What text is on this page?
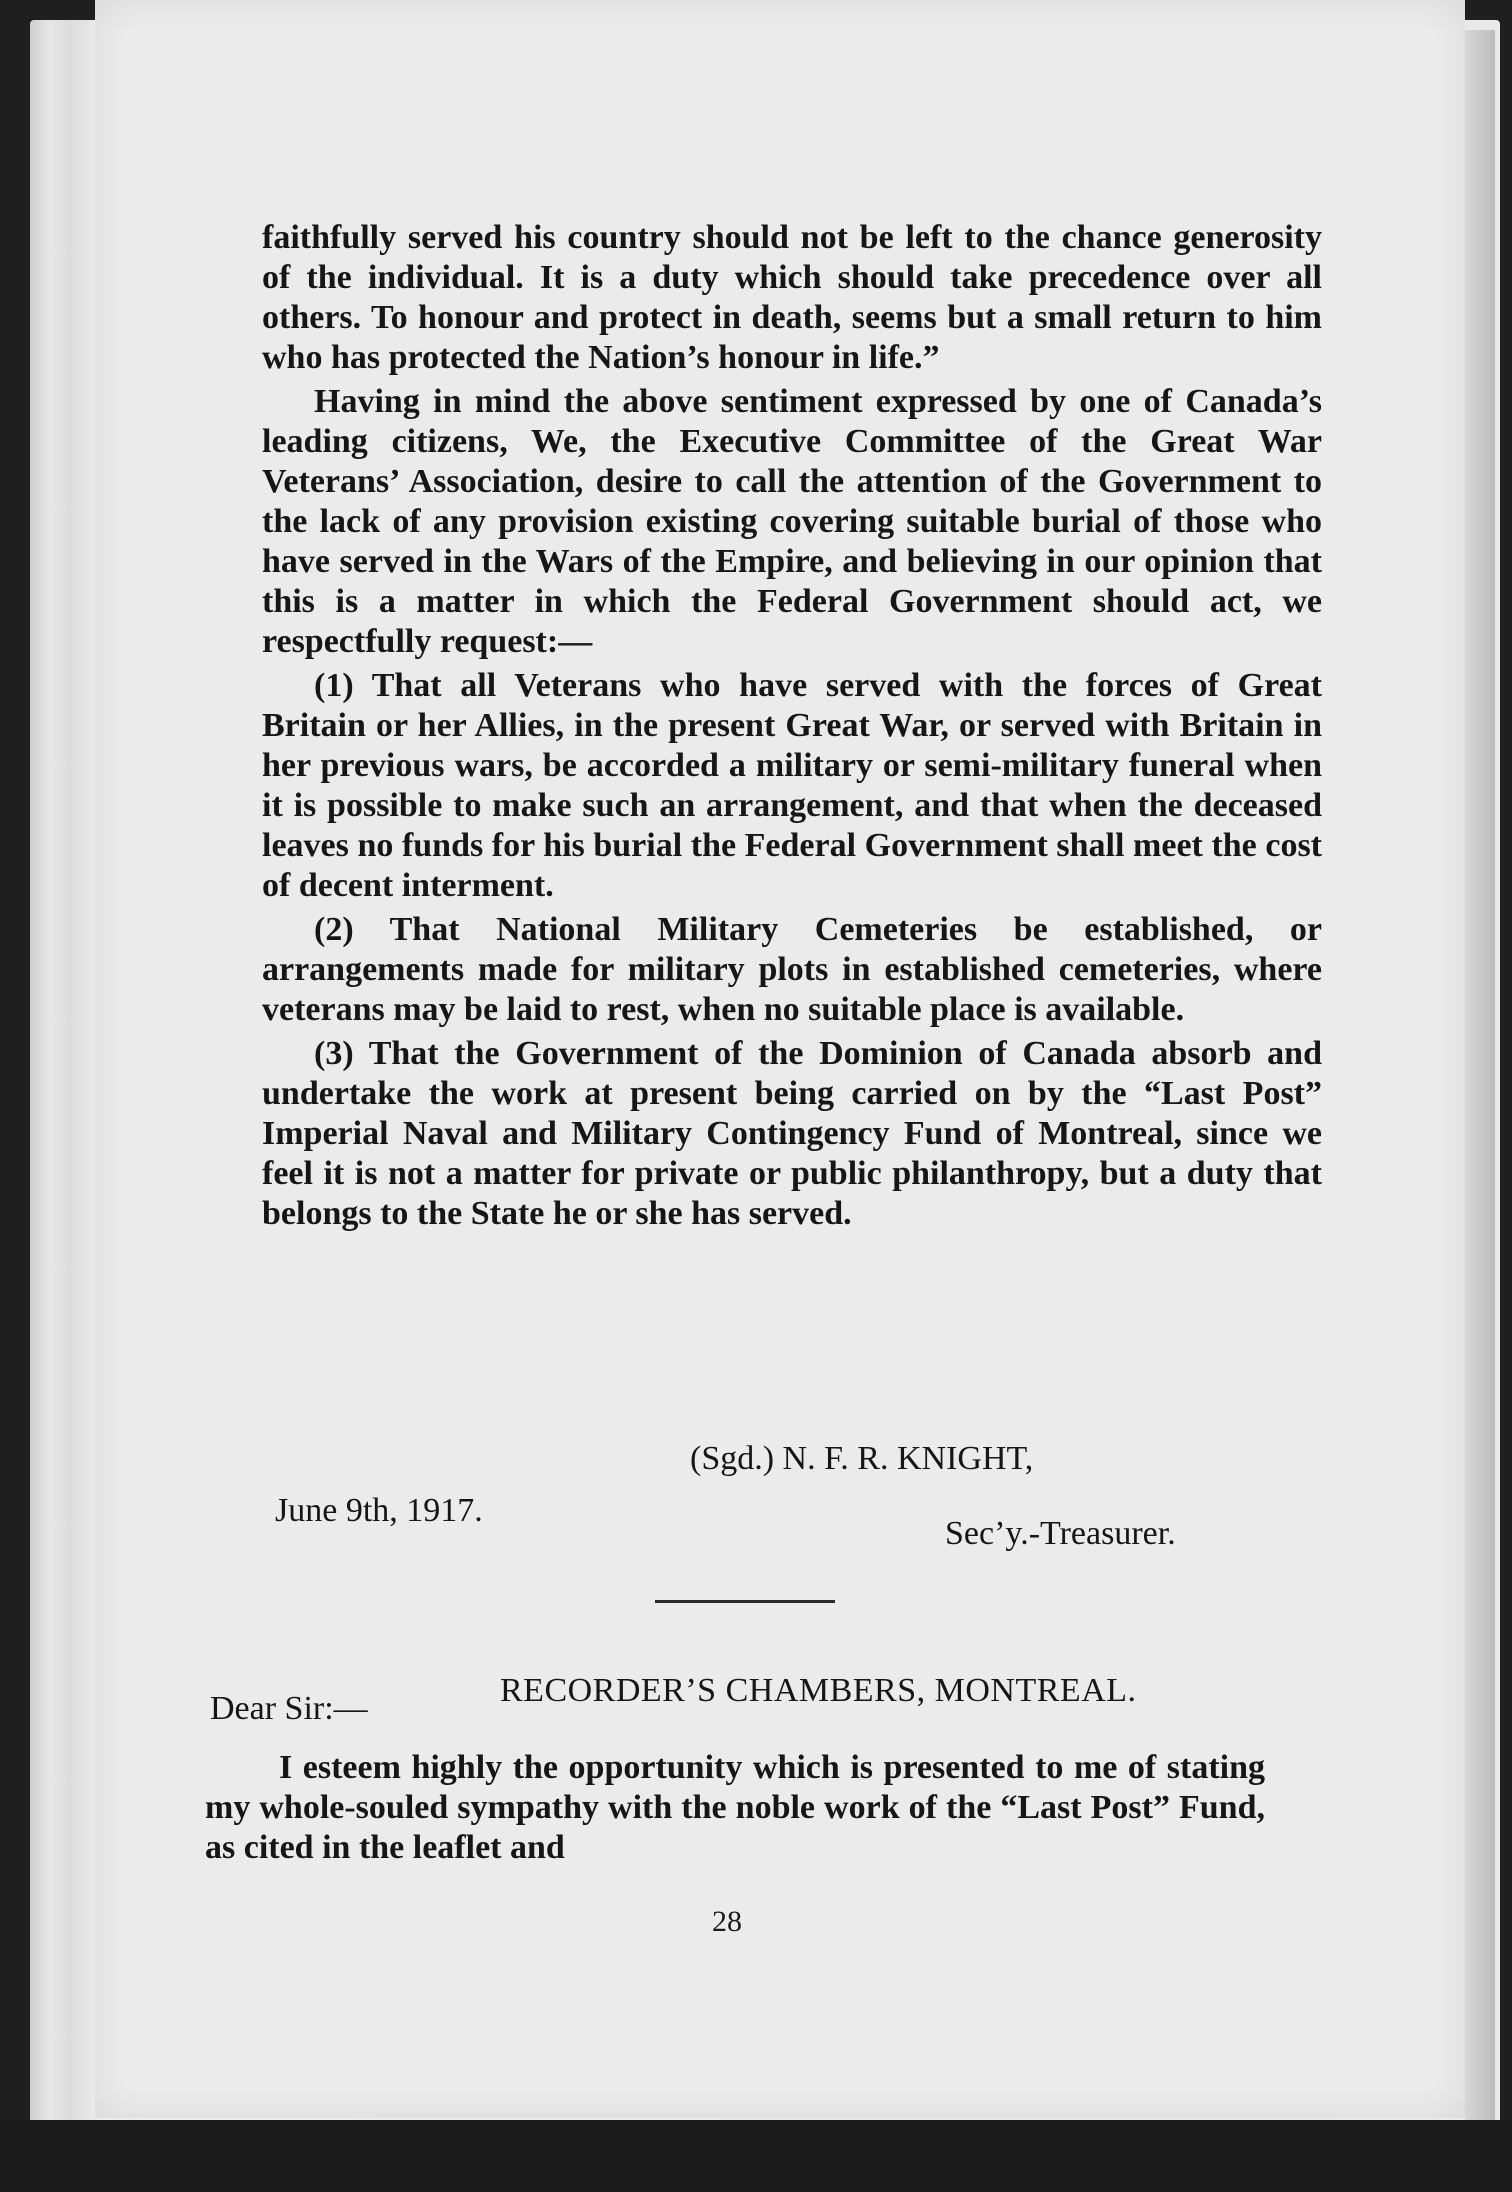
faithfully served his country should not be left to the chance generosity of the individual. It is a duty which should take precedence over all others. To honour and protect in death, seems but a small return to him who has protected the Nation’s honour in life.”

Having in mind the above sentiment expressed by one of Canada’s leading citizens, We, the Executive Committee of the Great War Veterans’ Association, desire to call the attention of the Government to the lack of any provision existing covering suitable burial of those who have served in the Wars of the Empire, and believing in our opinion that this is a matter in which the Federal Government should act, we respectfully request:—

(1) That all Veterans who have served with the forces of Great Britain or her Allies, in the present Great War, or served with Britain in her previous wars, be accorded a military or semi-military funeral when it is possible to make such an arrangement, and that when the deceased leaves no funds for his burial the Federal Government shall meet the cost of decent interment.

(2) That National Military Cemeteries be established, or arrangements made for military plots in established cemeteries, where veterans may be laid to rest, when no suitable place is available.

(3) That the Government of the Dominion of Canada absorb and undertake the work at present being carried on by the “Last Post” Imperial Naval and Military Contingency Fund of Montreal, since we feel it is not a matter for private or public philanthropy, but a duty that belongs to the State he or she has served.

(Sgd.) N. F. R. KNIGHT,
June 9th, 1917.
Sec’y.-Treasurer.
RECORDER’S CHAMBERS, MONTREAL.
Dear Sir:—
I esteem highly the opportunity which is presented to me of stating my whole-souled sympathy with the noble work of the “Last Post” Fund, as cited in the leaflet and
28
